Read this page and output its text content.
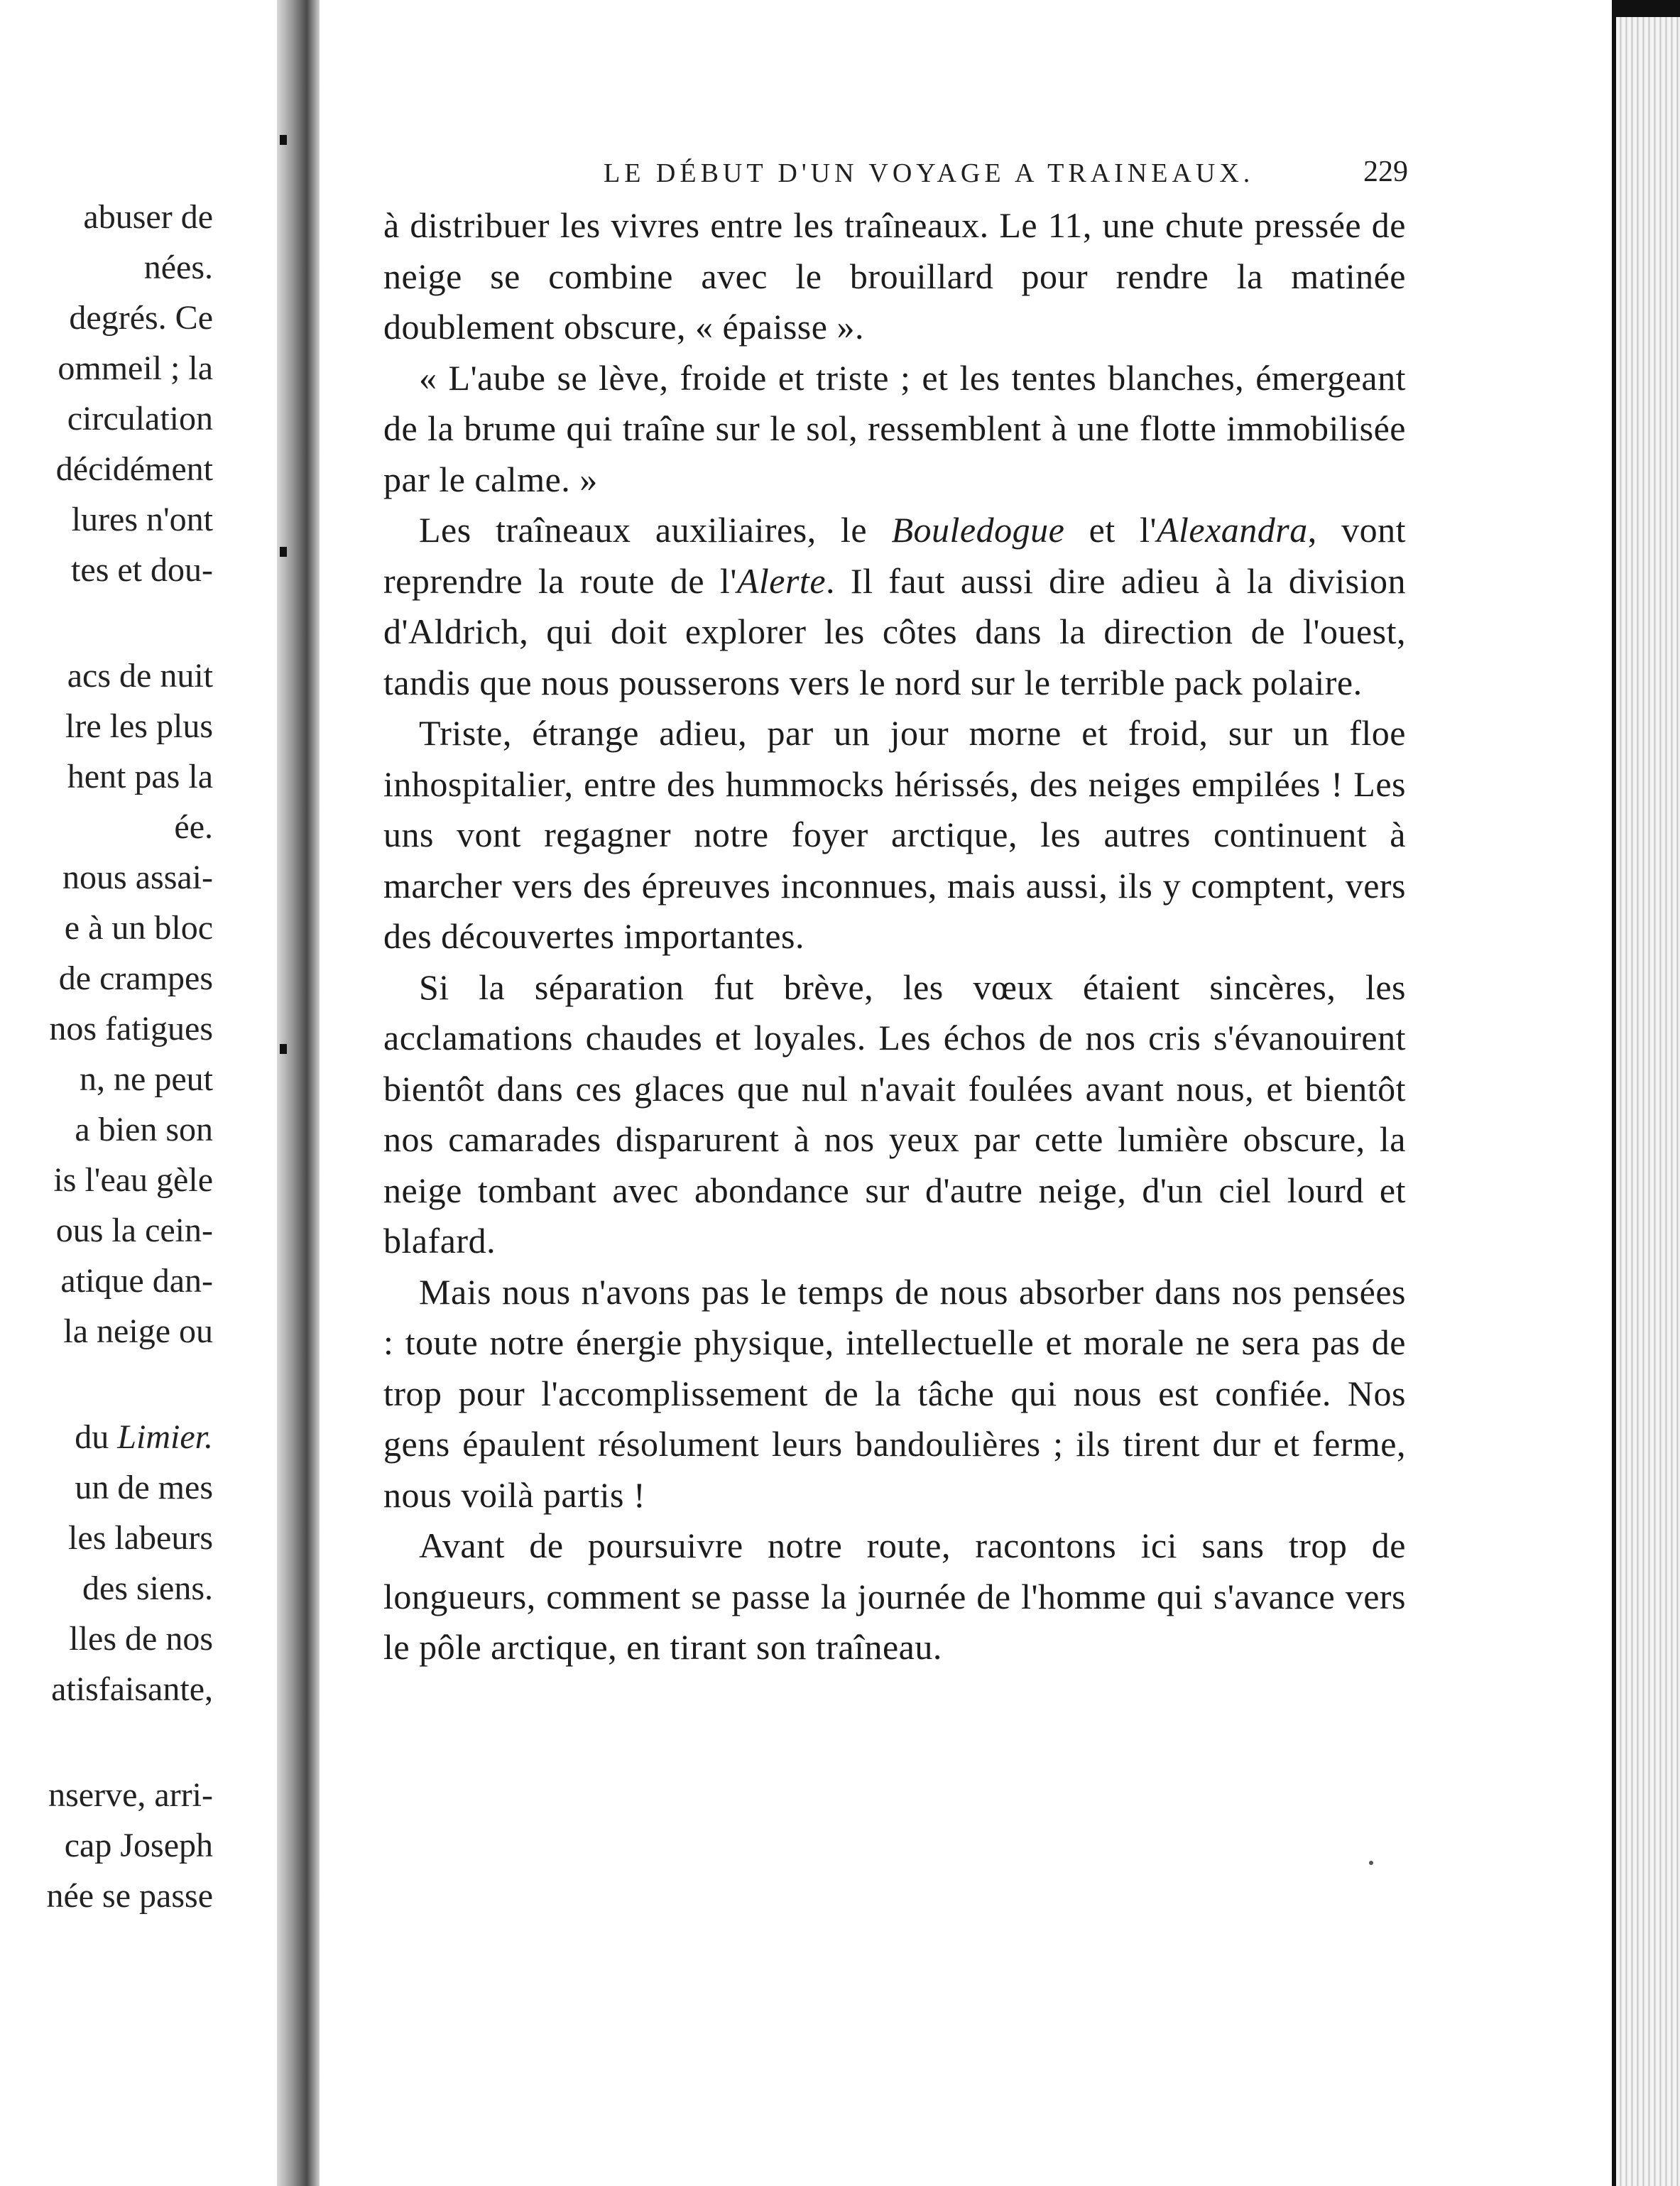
abuser de
nées.
degrés. Ce
ommeil ; la
circulation
décidément
lures n'ont
tes et dou-
acs de nuit
lre les plus
hent pas la
ée.
nous assai-
e à un bloc
de crampes
nos fatigues
n, ne peut
a bien son
is l'eau gèle
ous la cein-
atique dan-
la neige ou
du Limier.
un de mes
les labeurs
des siens.
lles de nos
atisfaisante,
nserve, arri-
cap Joseph
née se passe
LE DÉBUT D'UN VOYAGE A TRAINEAUX.	229

à distribuer les vivres entre les traîneaux. Le 11, une chute pressée de neige se combine avec le brouillard pour rendre la matinée doublement obscure, « épaisse ».

« L'aube se lève, froide et triste ; et les tentes blanches, émergeant de la brume qui traîne sur le sol, ressemblent à une flotte immobilisée par le calme. »

Les traîneaux auxiliaires, le Bouledogue et l'Alexandra, vont reprendre la route de l'Alerte. Il faut aussi dire adieu à la division d'Aldrich, qui doit explorer les côtes dans la direction de l'ouest, tandis que nous pousserons vers le nord sur le terrible pack polaire.

Triste, étrange adieu, par un jour morne et froid, sur un floe inhospitalier, entre des hummocks hérissés, des neiges empilées ! Les uns vont regagner notre foyer arctique, les autres continuent à marcher vers des épreuves inconnues, mais aussi, ils y comptent, vers des découvertes importantes.

Si la séparation fut brève, les vœux étaient sincères, les acclamations chaudes et loyales. Les échos de nos cris s'évanouirent bientôt dans ces glaces que nul n'avait foulées avant nous, et bientôt nos camarades disparurent à nos yeux par cette lumière obscure, la neige tombant avec abondance sur d'autre neige, d'un ciel lourd et blafard.

Mais nous n'avons pas le temps de nous absorber dans nos pensées : toute notre énergie physique, intellectuelle et morale ne sera pas de trop pour l'accomplissement de la tâche qui nous est confiée. Nos gens épaulent résolument leurs bandoulières ; ils tirent dur et ferme, nous voilà partis !

Avant de poursuivre notre route, racontons ici sans trop de longueurs, comment se passe la journée de l'homme qui s'avance vers le pôle arctique, en tirant son traîneau.
